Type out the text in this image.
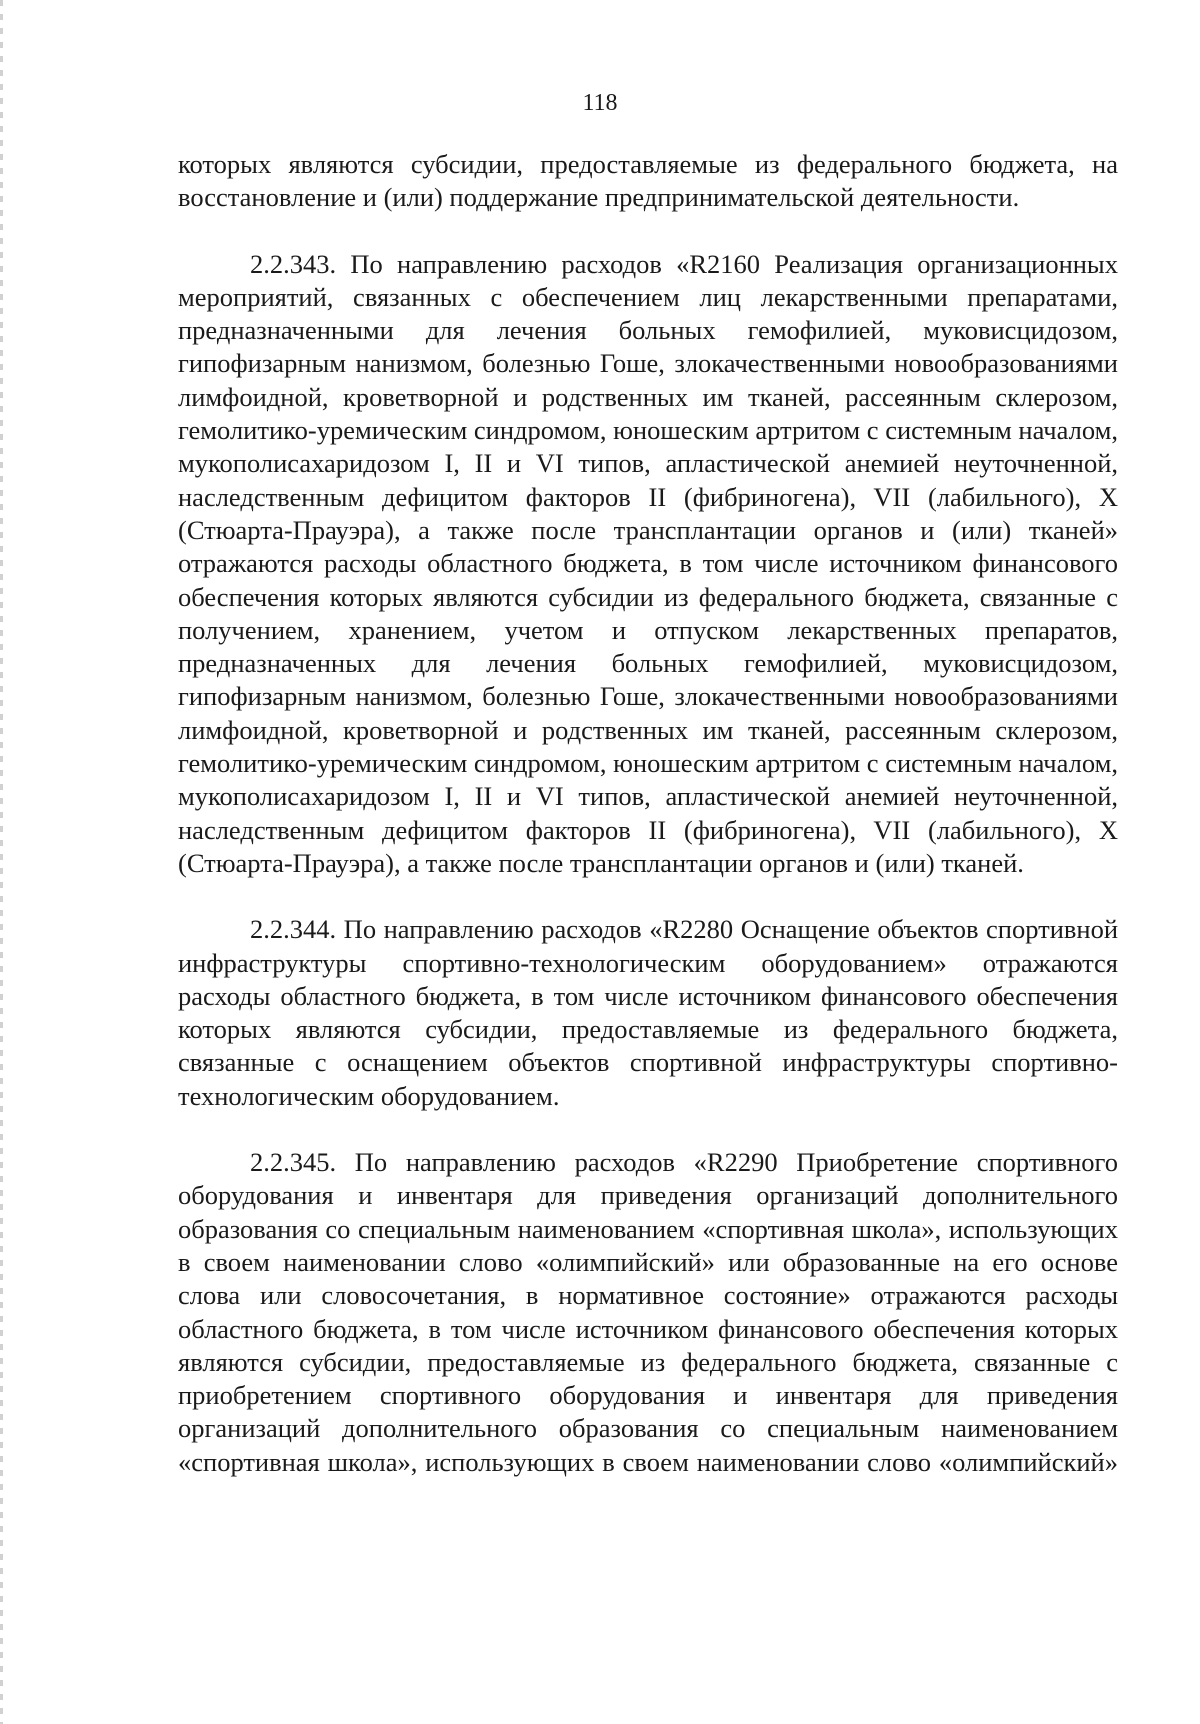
118

которых являются субсидии, предоставляемые из федерального бюджета, на восстановление и (или) поддержание предпринимательской деятельности.

2.2.343. По направлению расходов «R2160 Реализация организационных мероприятий, связанных с обеспечением лиц лекарственными препаратами, предназначенными для лечения больных гемофилией, муковисцидозом, гипофизарным нанизмом, болезнью Гоше, злокачественными новообразованиями лимфоидной, кроветворной и родственных им тканей, рассеянным склерозом, гемолитико-уремическим синдромом, юношеским артритом с системным началом, мукополисахаридозом I, II и VI типов, апластической анемией неуточненной, наследственным дефицитом факторов II (фибриногена), VII (лабильного), X (Стюарта-Прауэра), а также после трансплантации органов и (или) тканей» отражаются расходы областного бюджета, в том числе источником финансового обеспечения которых являются субсидии из федерального бюджета, связанные с получением, хранением, учетом и отпуском лекарственных препаратов, предназначенных для лечения больных гемофилией, муковисцидозом, гипофизарным нанизмом, болезнью Гоше, злокачественными новообразованиями лимфоидной, кроветворной и родственных им тканей, рассеянным склерозом, гемолитико-уремическим синдромом, юношеским артритом с системным началом, мукополисахаридозом I, II и VI типов, апластической анемией неуточненной, наследственным дефицитом факторов II (фибриногена), VII (лабильного), X (Стюарта-Прауэра), а также после трансплантации органов и (или) тканей.

2.2.344. По направлению расходов «R2280 Оснащение объектов спортивной инфраструктуры спортивно-технологическим оборудованием» отражаются расходы областного бюджета, в том числе источником финансового обеспечения которых являются субсидии, предоставляемые из федерального бюджета, связанные с оснащением объектов спортивной инфраструктуры спортивно-технологическим оборудованием.

2.2.345. По направлению расходов «R2290 Приобретение спортивного оборудования и инвентаря для приведения организаций дополнительного образования со специальным наименованием «спортивная школа», использующих в своем наименовании слово «олимпийский» или образованные на его основе слова или словосочетания, в нормативное состояние» отражаются расходы областного бюджета, в том числе источником финансового обеспечения которых являются субсидии, предоставляемые из федерального бюджета, связанные с приобретением спортивного оборудования и инвентаря для приведения организаций дополнительного образования со специальным наименованием «спортивная школа», использующих в своем наименовании слово «олимпийский»
